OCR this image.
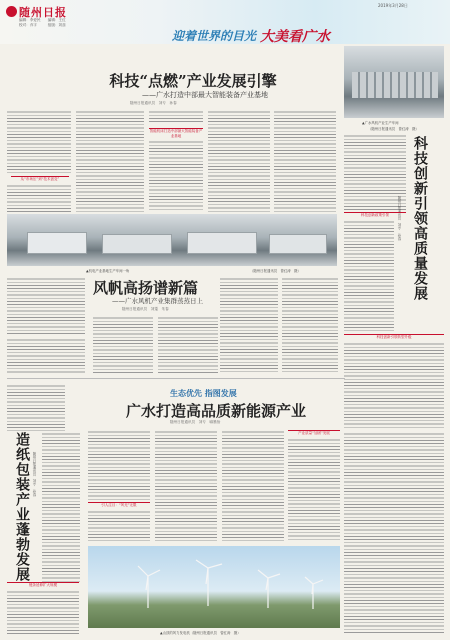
随州日报
编辑：李爱民　　编辑：王红
校对：乔宇　　　组版：刘蕊
2019年3月28日
迎着世界的目光 大美看广水
科技“点燃”产业发展引擎
——广水打造中部最大智能装备产业基地
随州日报通讯员　刘专　孙春
从“市场压”到“技术创变”
智能机床打造中部最大智能装备产业基地
▲机电产业基地生产车间一角	（随州日报通讯员　曾红涛　摄）
风帆高扬谱新篇
——广水风机产业集群蒸蒸日上
随州日报通讯员　刘蓬　朱春
▲广水风机产业生产车间
（随州日报通讯员　曾红涛　摄）
科技创新引领高质量发展
随州日报通讯员　刘专　孙春
科技创新政策引领
科技创新引领转型升级
造纸包装产业蓬勃发展 随州日报通讯员　刘专　孙春
链条延伸扩大规模
生态优先 指图发展
广水打造高品质新能源产业
随州日报通讯员　刘专　喻墨怡
引人注目：“风光”无限
产业质量“加固”发展
▲山顶的风力发电机（随州日报通讯员　曾红涛　摄）
